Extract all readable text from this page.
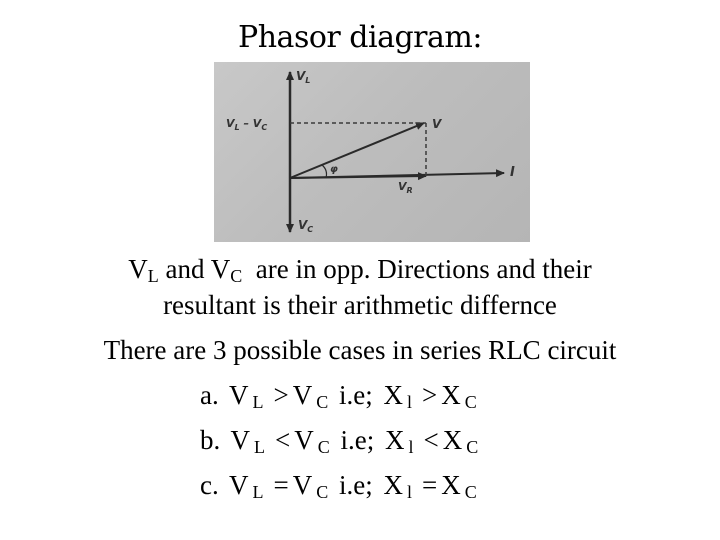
Phasor diagram:
$V_L$
$V_L - V_C$	V
$V_R$
I
$V_C$
φ
$V_L$ and $V_C$  are in opp. Directions and their
resultant is their arithmetic differnce
There are 3 possible cases in series RLC circuit
a. V $_L$ > V $_C$ i.e; X $_l$ > X $_C$
b. V $_L$ < V $_C$ i.e; X $_l$ < X $_C$
c. V $_L$ = V $_C$ i.e; X $_l$ = X $_C$
